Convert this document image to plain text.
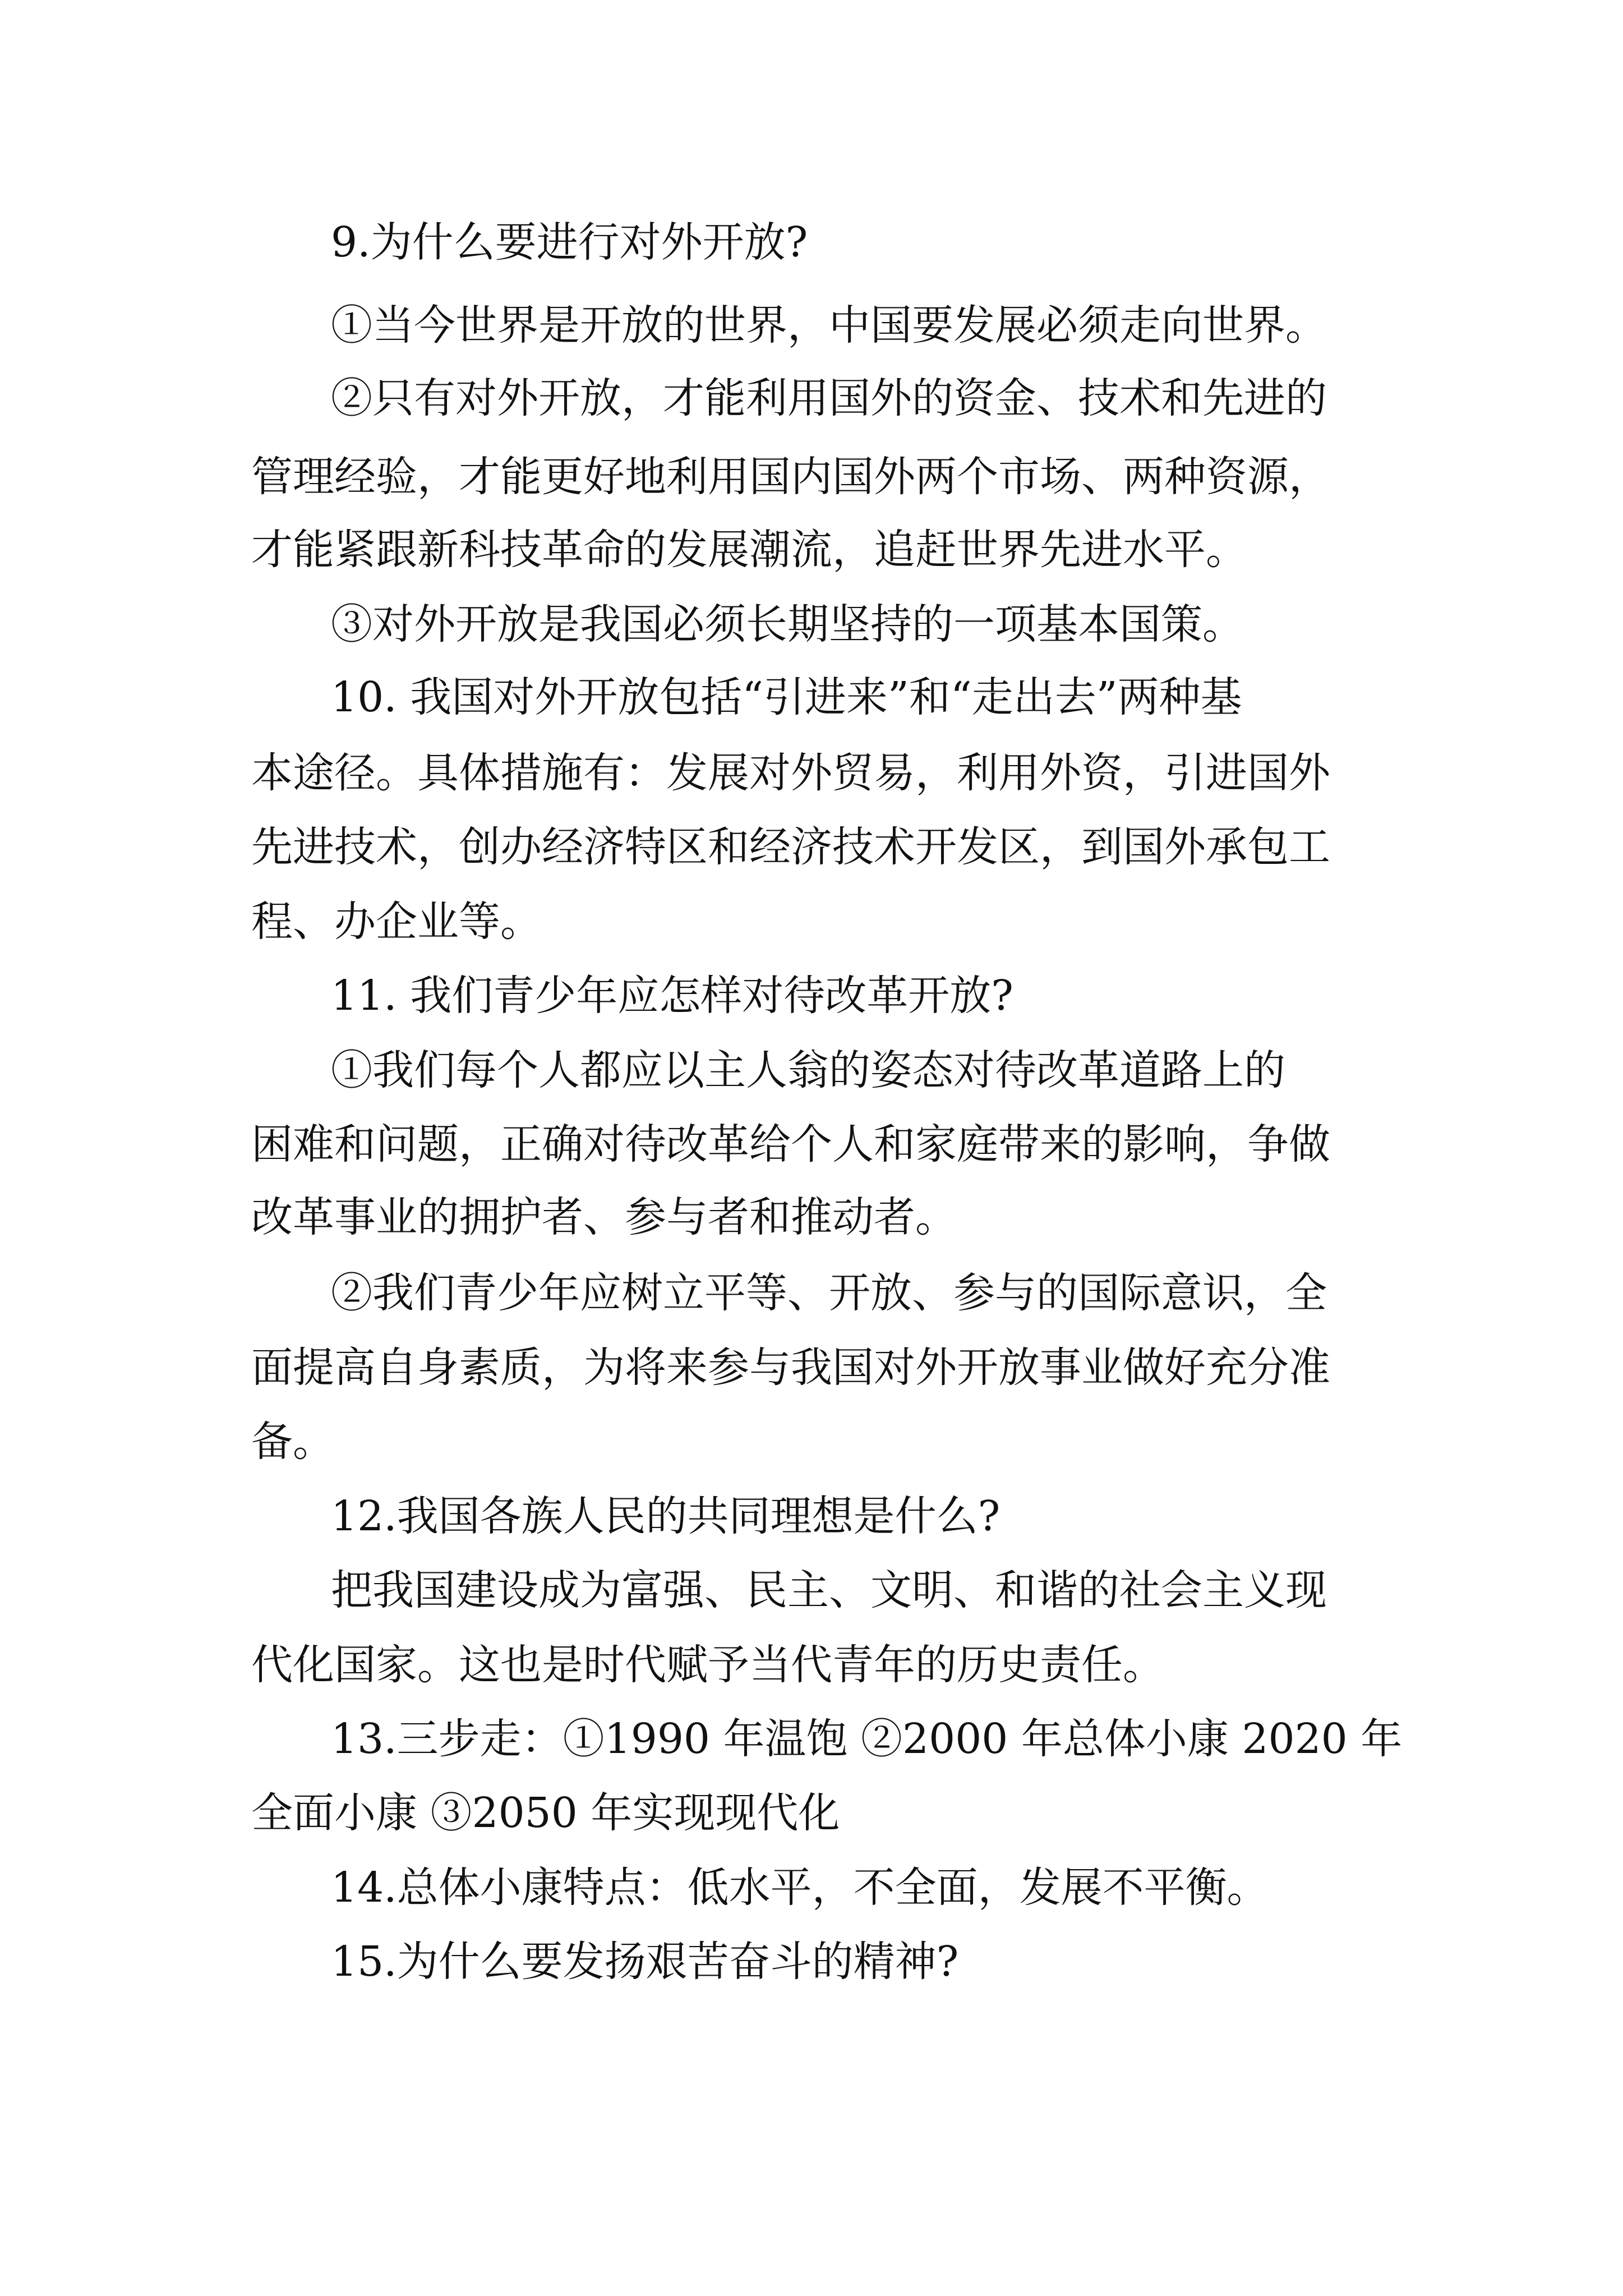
9.为什么要进行对外开放?

①当今世界是开放的世界，中国要发展必须走向世界。

②只有对外开放，才能利用国外的资金、技术和先进的

管理经验，才能更好地利用国内国外两个市场、两种资源，

才能紧跟新科技革命的发展潮流，追赶世界先进水平。

③对外开放是我国必须长期坚持的一项基本国策。

10. 我国对外开放包括“引进来”和“走出去”两种基

本途径。具体措施有：发展对外贸易，利用外资，引进国外

先进技术，创办经济特区和经济技术开发区，到国外承包工

程、办企业等。

11. 我们青少年应怎样对待改革开放?

①我们每个人都应以主人翁的姿态对待改革道路上的

困难和问题，正确对待改革给个人和家庭带来的影响，争做

改革事业的拥护者、参与者和推动者。

②我们青少年应树立平等、开放、参与的国际意识，全

面提高自身素质，为将来参与我国对外开放事业做好充分准

备。

12.我国各族人民的共同理想是什么?

把我国建设成为富强、民主、文明、和谐的社会主义现

代化国家。这也是时代赋予当代青年的历史责任。

13.三步走：①1990 年温饱 ②2000 年总体小康 2020 年

全面小康 ③2050 年实现现代化

14.总体小康特点：低水平，不全面，发展不平衡。

15.为什么要发扬艰苦奋斗的精神?
